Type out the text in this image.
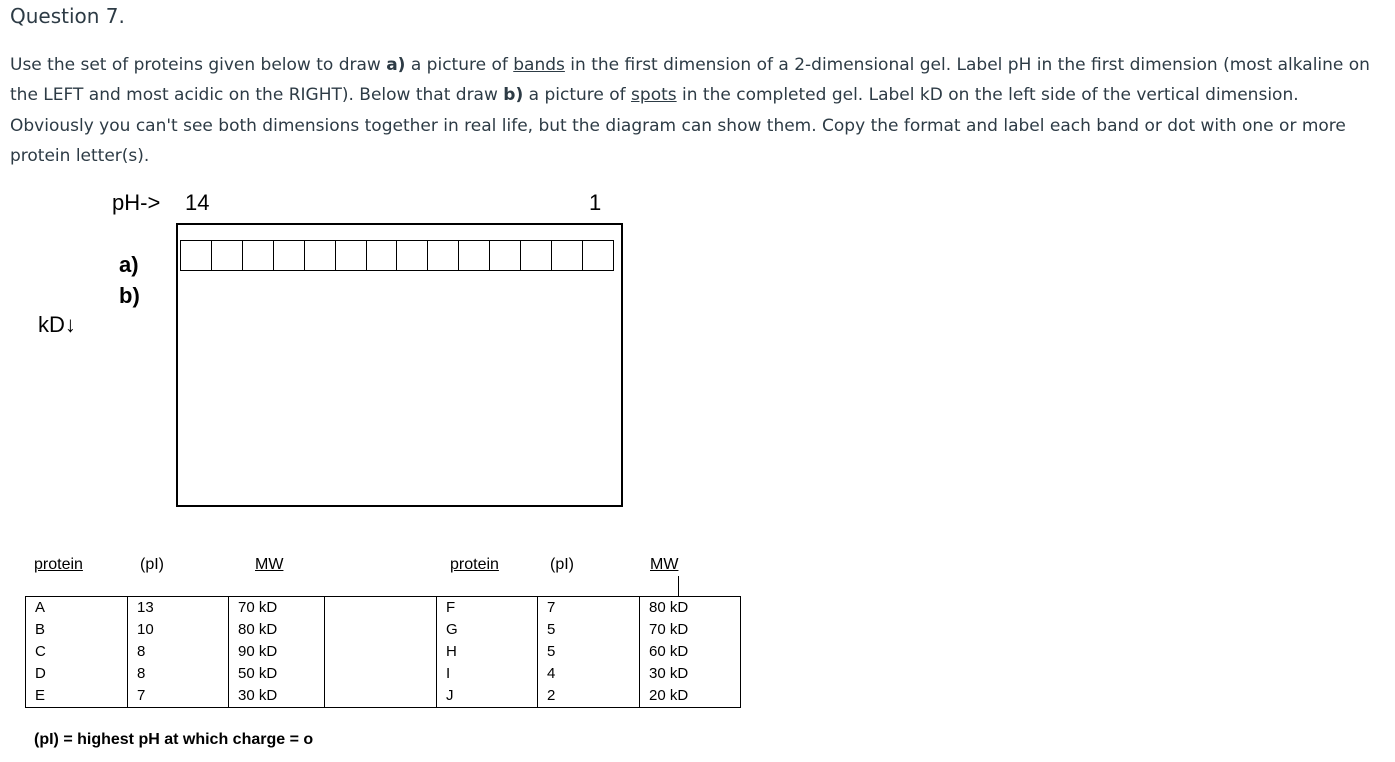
Question 7.

Use the set of proteins given below to draw a) a picture of bands in the first dimension of a 2-dimensional gel. Label pH in the first dimension (most alkaline on the LEFT and most acidic on the RIGHT). Below that draw b) a picture of spots in the completed gel. Label kD on the left side of the vertical dimension. Obviously you can't see both dimensions together in real life, but the diagram can show them. Copy the format and label each band or dot with one or more protein letter(s).

pH-> 14	1
a)
b)
kD↓
protein	(pI)	MW	protein	(pI)	MW
A	13	70 kD		F	7	80 kD
B	10	80 kD		G	5	70 kD
C	8	90 kD		H	5	60 kD
D	8	50 kD		I	4	30 kD
E	7	30 kD		J	2	20 kD
(pI) = highest pH at which charge = o
